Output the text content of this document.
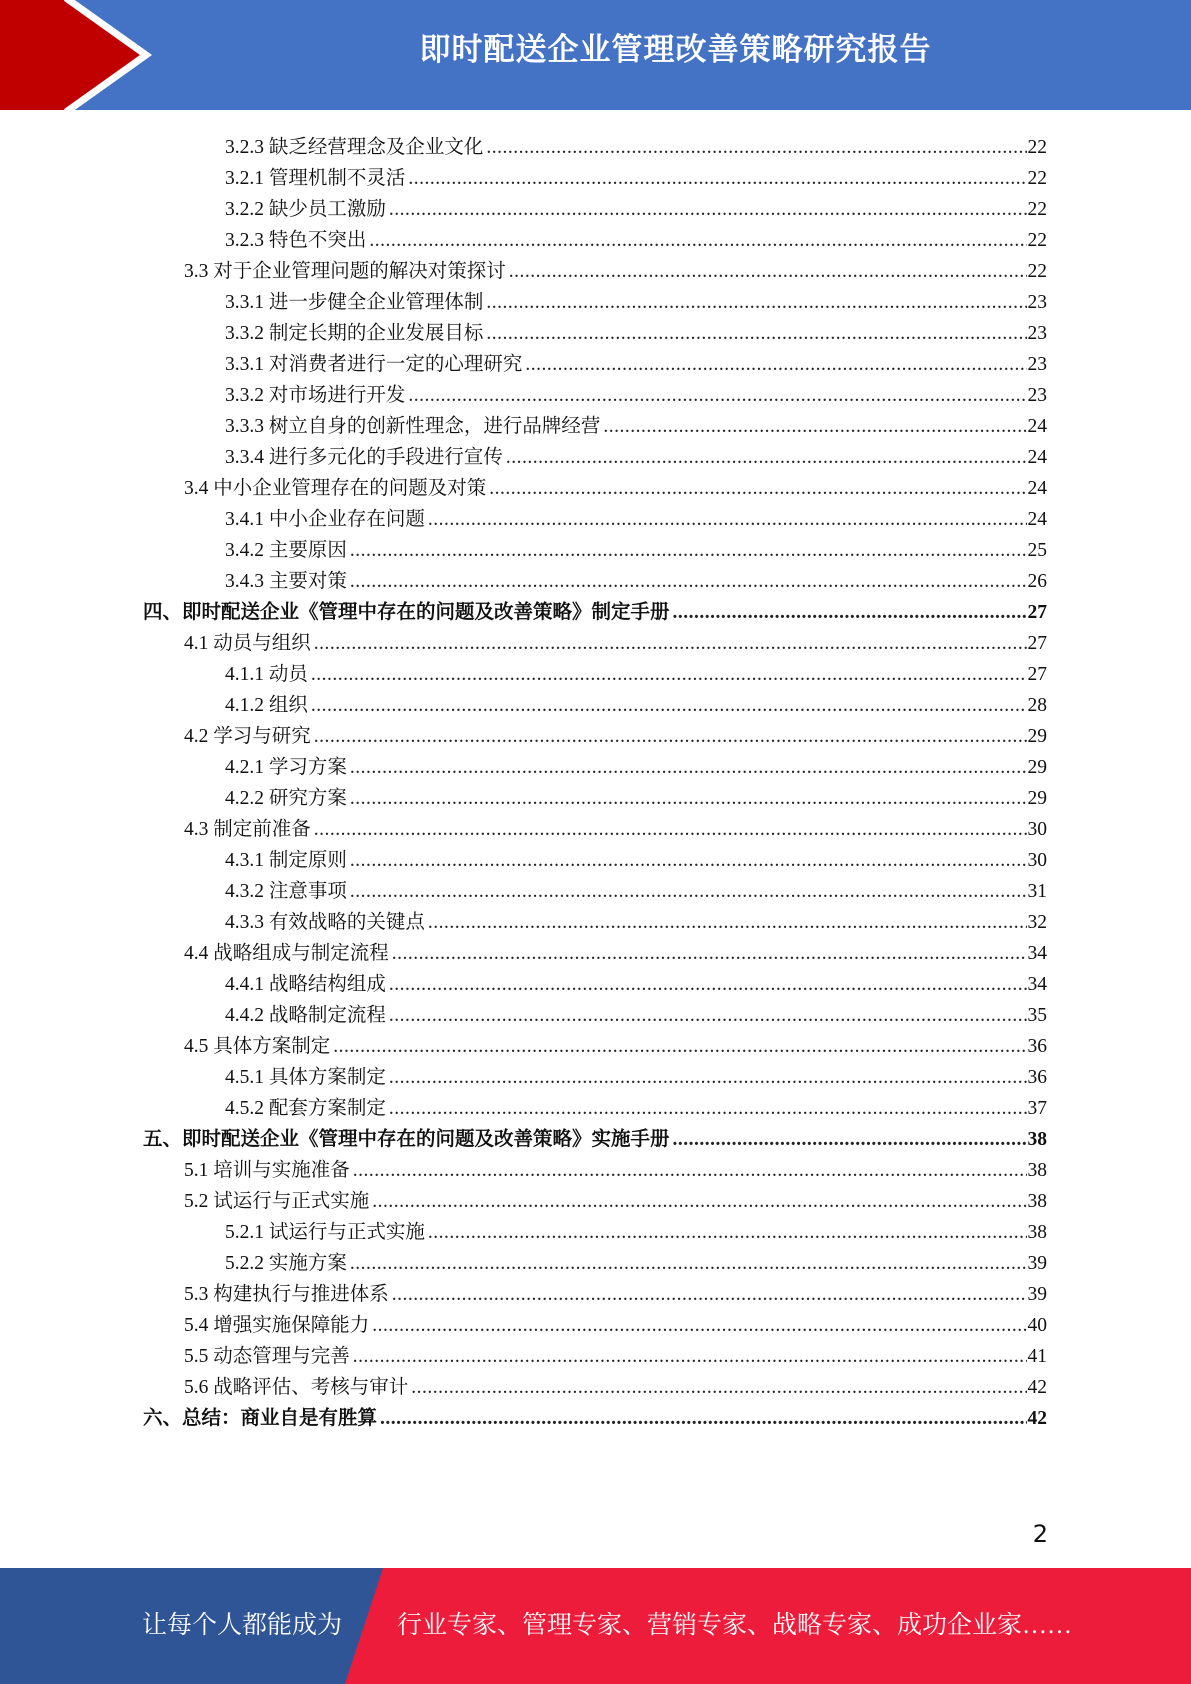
即时配送企业管理改善策略研究报告
3.2.3 缺乏经营理念及企业文化 .....	22
3.2.1 管理机制不灵活 .....	22
3.2.2 缺少员工激励 .....	22
3.2.3 特色不突出 .....	22
3.3 对于企业管理问题的解决对策探讨 .....	22
3.3.1 进一步健全企业管理体制 .....	23
3.3.2 制定长期的企业发展目标 .....	23
3.3.1 对消费者进行一定的心理研究 .....	23
3.3.2 对市场进行开发 .....	23
3.3.3 树立自身的创新性理念，进行品牌经营 .....	24
3.3.4 进行多元化的手段进行宣传 .....	24
3.4 中小企业管理存在的问题及对策 .....	24
3.4.1 中小企业存在问题 .....	24
3.4.2 主要原因 .....	25
3.4.3 主要对策 .....	26
四、即时配送企业《管理中存在的问题及改善策略》制定手册 .....	27
4.1 动员与组织 .....	27
4.1.1 动员 .....	27
4.1.2 组织 .....	28
4.2 学习与研究 .....	29
4.2.1 学习方案 .....	29
4.2.2 研究方案 .....	29
4.3 制定前准备 .....	30
4.3.1 制定原则 .....	30
4.3.2 注意事项 .....	31
4.3.3 有效战略的关键点 .....	32
4.4 战略组成与制定流程 .....	34
4.4.1 战略结构组成 .....	34
4.4.2 战略制定流程 .....	35
4.5 具体方案制定 .....	36
4.5.1 具体方案制定 .....	36
4.5.2 配套方案制定 .....	37
五、即时配送企业《管理中存在的问题及改善策略》实施手册 .....	38
5.1 培训与实施准备 .....	38
5.2 试运行与正式实施 .....	38
5.2.1 试运行与正式实施 .....	38
5.2.2 实施方案 .....	39
5.3 构建执行与推进体系 .....	39
5.4 增强实施保障能力 .....	40
5.5 动态管理与完善 .....	41
5.6 战略评估、考核与审计 .....	42
六、总结：商业自是有胜算 .....	42
2
让每个人都能成为 行业专家、管理专家、营销专家、战略专家、成功企业家……
